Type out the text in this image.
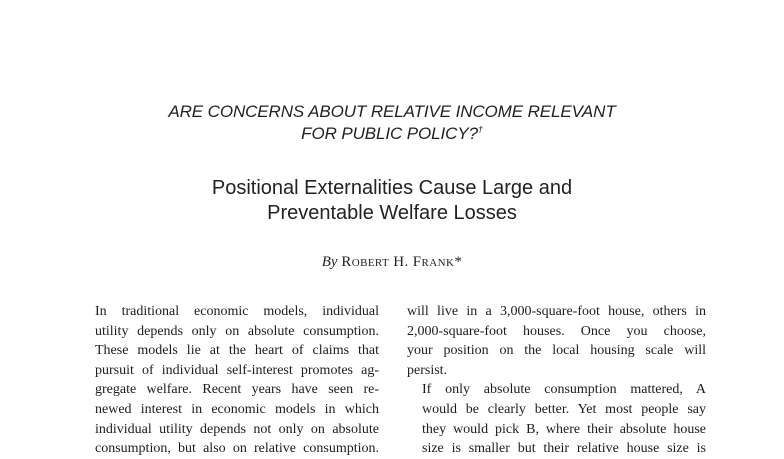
ARE CONCERNS ABOUT RELATIVE INCOME RELEVANT
FOR PUBLIC POLICY?†
Positional Externalities Cause Large and
Preventable Welfare Losses
By Robert H. Frank*

In traditional economic models, individual
utility depends only on absolute consumption.
These models lie at the heart of claims that
pursuit of individual self-interest promotes ag-
gregate welfare. Recent years have seen re-
newed interest in economic models in which
individual utility depends not only on absolute
consumption, but also on relative consumption.

will live in a 3,000-square-foot house, others in
2,000-square-foot houses. Once you choose,
your position on the local housing scale will
persist.

If only absolute consumption mattered, A
would be clearly better. Yet most people say
they would pick B, where their absolute house
size is smaller but their relative house size is
